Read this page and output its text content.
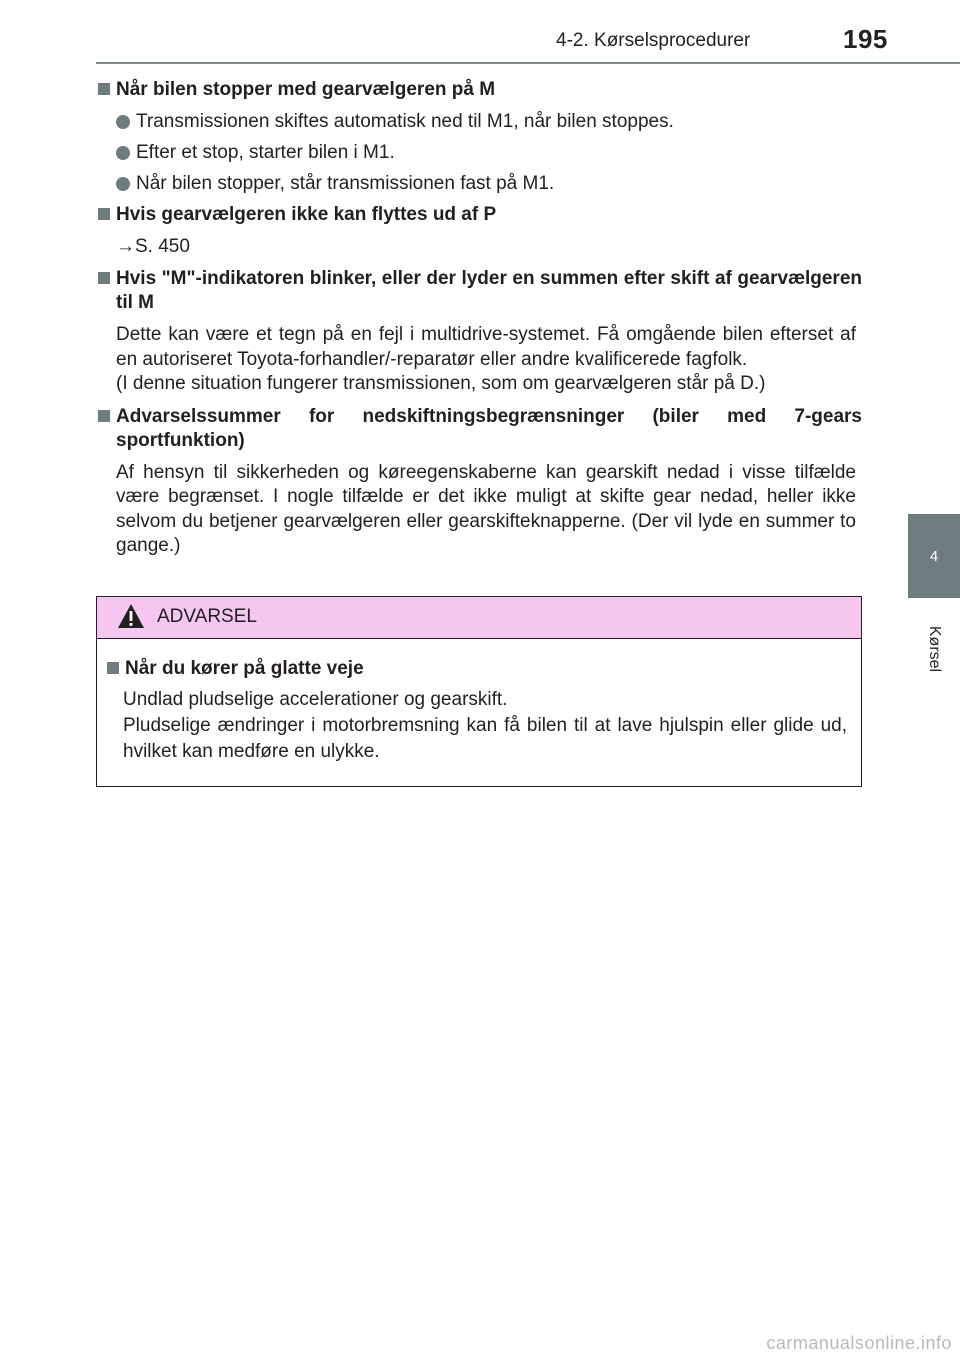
4-2. Kørselsprocedurer	195
4
Kørsel
Når bilen stopper med gearvælgeren på M
Transmissionen skiftes automatisk ned til M1, når bilen stoppes.
Efter et stop, starter bilen i M1.
Når bilen stopper, står transmissionen fast på M1.
Hvis gearvælgeren ikke kan flyttes ud af P
→S. 450
Hvis "M"-indikatoren blinker, eller der lyder en summen efter skift af gearvælgeren til M
Dette kan være et tegn på en fejl i multidrive-systemet. Få omgående bilen efterset af en autoriseret Toyota-forhandler/-reparatør eller andre kvalificerede fagfolk.
(I denne situation fungerer transmissionen, som om gearvælgeren står på D.)
Advarselssummer for nedskiftningsbegrænsninger (biler med 7-gears sportfunktion)
Af hensyn til sikkerheden og køreegenskaberne kan gearskift nedad i visse tilfælde være begrænset. I nogle tilfælde er det ikke muligt at skifte gear nedad, heller ikke selvom du betjener gearvælgeren eller gearskifteknapperne. (Der vil lyde en summer to gange.)
ADVARSEL
Når du kører på glatte veje
Undlad pludselige accelerationer og gearskift.
Pludselige ændringer i motorbremsning kan få bilen til at lave hjulspin eller glide ud, hvilket kan medføre en ulykke.
carmanualsonline.info
